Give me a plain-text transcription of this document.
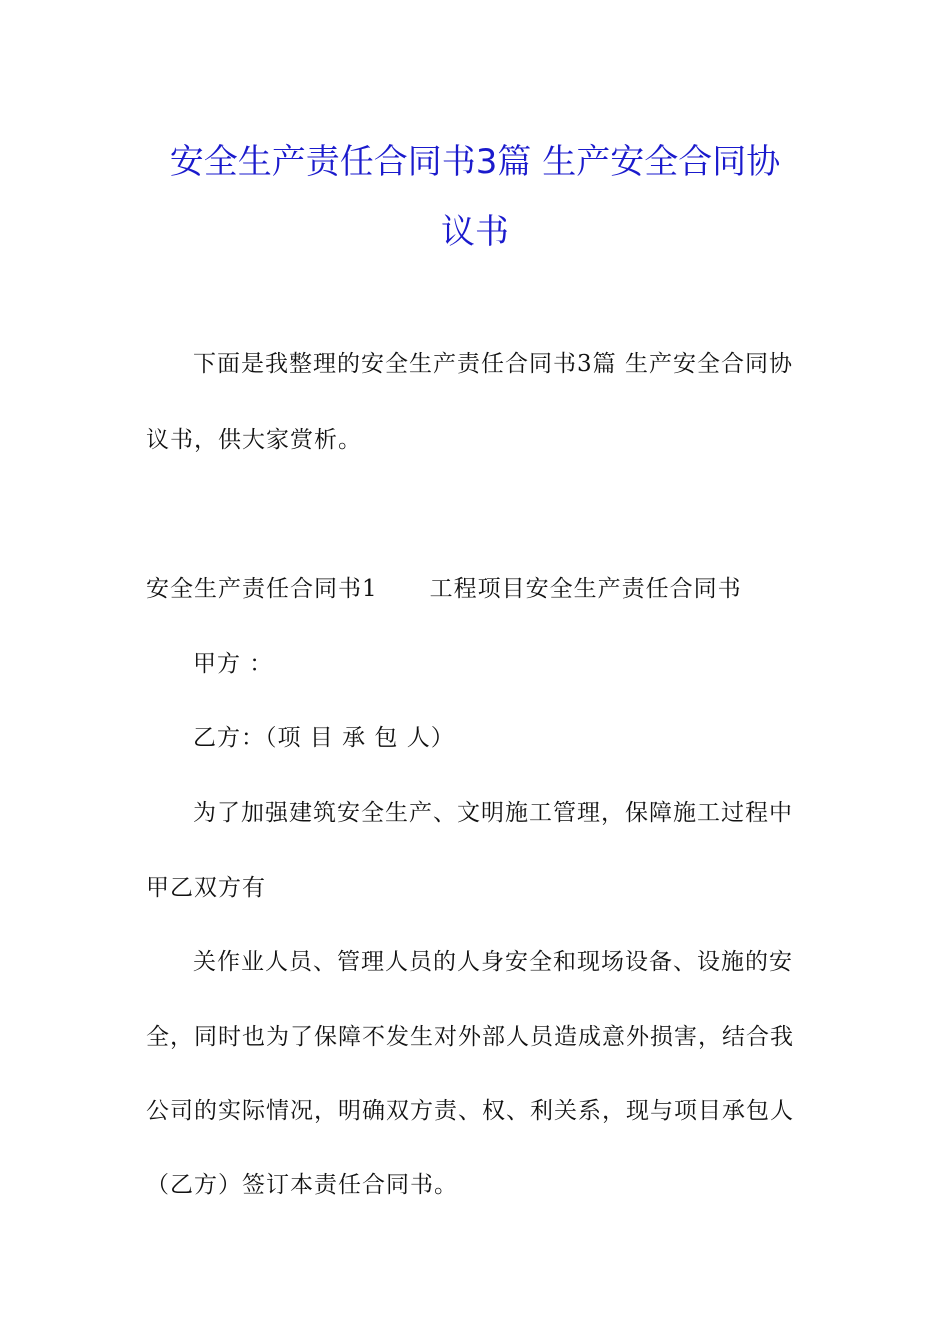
安全生产责任合同书3篇 生产安全合同协
议书

下面是我整理的安全生产责任合同书3篇 生产安全合同协

议书，供大家赏析。

安全生产责任合同书1 工程项目安全生产责任合同书

甲方 ：

乙方：（项 目 承 包 人）

为了加强建筑安全生产、文明施工管理，保障施工过程中

甲乙双方有

关作业人员、管理人员的人身安全和现场设备、设施的安

全，同时也为了保障不发生对外部人员造成意外损害，结合我

公司的实际情况，明确双方责、权、利关系，现与项目承包人

（乙方）签订本责任合同书。
